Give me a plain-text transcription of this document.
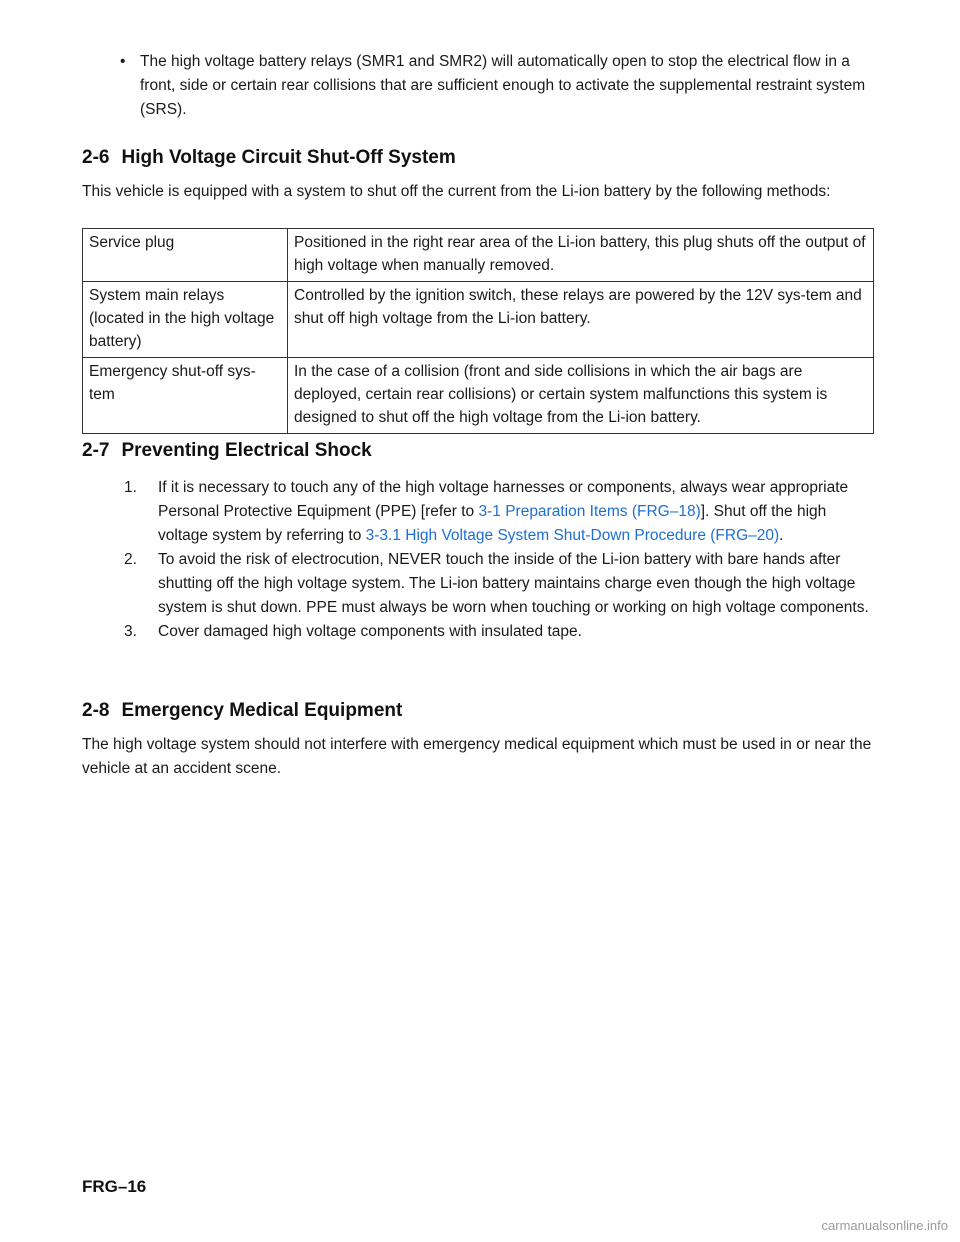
• The high voltage battery relays (SMR1 and SMR2) will automatically open to stop the electrical flow in a front, side or certain rear collisions that are sufficient enough to activate the supplemental restraint system (SRS).
2-6 High Voltage Circuit Shut-Off System
This vehicle is equipped with a system to shut off the current from the Li-ion battery by the following methods:
Service plug	Positioned in the right rear area of the Li-ion battery, this plug shuts off the output of high voltage when manually removed.
System main relays (located in the high voltage battery)	Controlled by the ignition switch, these relays are powered by the 12V sys-tem and shut off high voltage from the Li-ion battery.
Emergency shut-off sys-tem	In the case of a collision (front and side collisions in which the air bags are deployed, certain rear collisions) or certain system malfunctions this system is designed to shut off the high voltage from the Li-ion battery.
2-7 Preventing Electrical Shock
1. If it is necessary to touch any of the high voltage harnesses or components, always wear appropriate Personal Protective Equipment (PPE) [refer to 3-1 Preparation Items (FRG–18)]. Shut off the high voltage system by referring to 3-3.1 High Voltage System Shut-Down Procedure (FRG–20).
2. To avoid the risk of electrocution, NEVER touch the inside of the Li-ion battery with bare hands after shutting off the high voltage system. The Li-ion battery maintains charge even though the high voltage system is shut down. PPE must always be worn when touching or working on high voltage components.
3. Cover damaged high voltage components with insulated tape.
2-8 Emergency Medical Equipment
The high voltage system should not interfere with emergency medical equipment which must be used in or near the vehicle at an accident scene.
FRG–16
carmanualsonline.info
